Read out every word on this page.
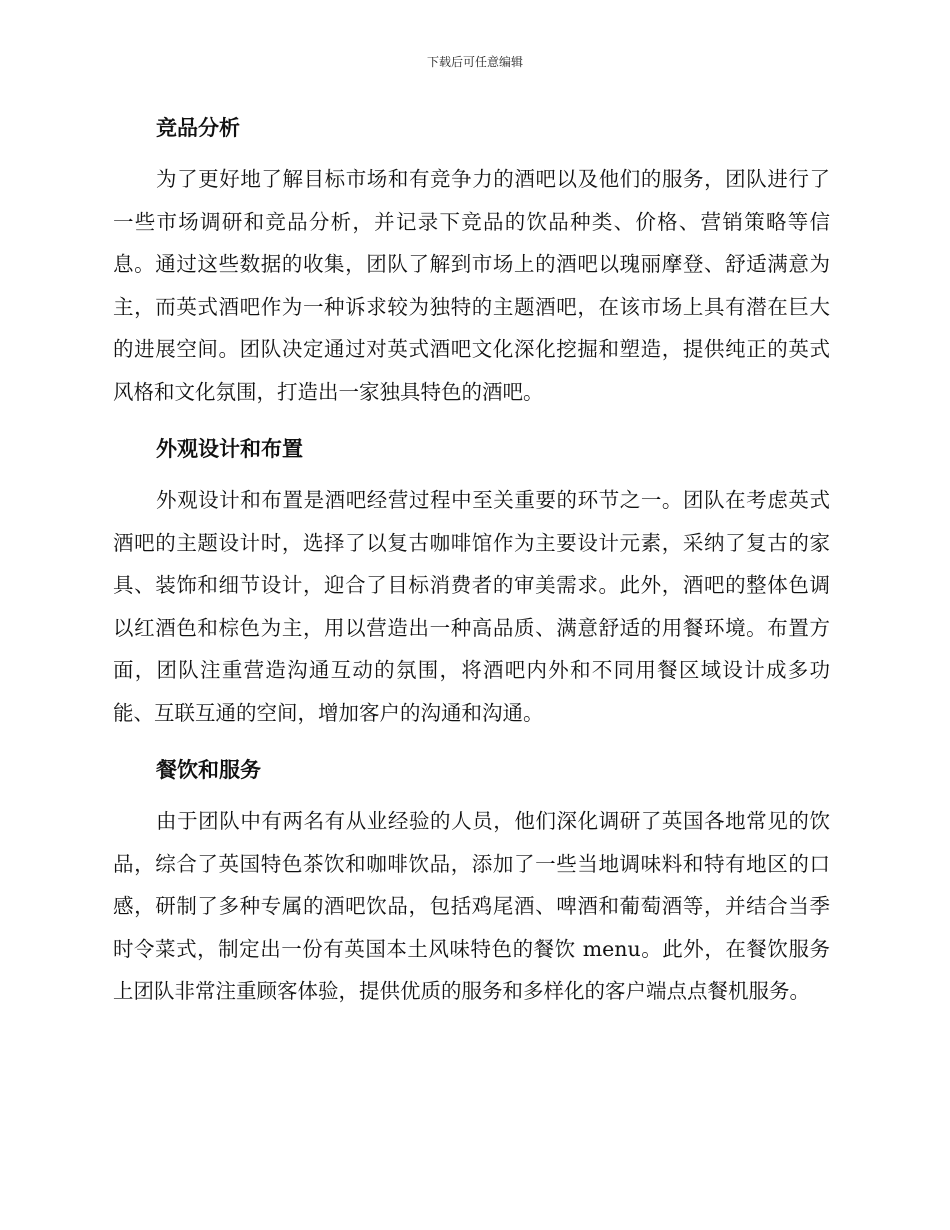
下载后可任意编辑
竞品分析

为了更好地了解目标市场和有竞争力的酒吧以及他们的服务，团队进行了一些市场调研和竞品分析，并记录下竞品的饮品种类、价格、营销策略等信息。通过这些数据的收集，团队了解到市场上的酒吧以瑰丽摩登、舒适满意为主，而英式酒吧作为一种诉求较为独特的主题酒吧，在该市场上具有潜在巨大的进展空间。团队决定通过对英式酒吧文化深化挖掘和塑造，提供纯正的英式风格和文化氛围，打造出一家独具特色的酒吧。

外观设计和布置

外观设计和布置是酒吧经营过程中至关重要的环节之一。团队在考虑英式酒吧的主题设计时，选择了以复古咖啡馆作为主要设计元素，采纳了复古的家具、装饰和细节设计，迎合了目标消费者的审美需求。此外，酒吧的整体色调以红酒色和棕色为主，用以营造出一种高品质、满意舒适的用餐环境。布置方面，团队注重营造沟通互动的氛围，将酒吧内外和不同用餐区域设计成多功能、互联互通的空间，增加客户的沟通和沟通。

餐饮和服务

由于团队中有两名有从业经验的人员，他们深化调研了英国各地常见的饮品，综合了英国特色茶饮和咖啡饮品，添加了一些当地调味料和特有地区的口感，研制了多种专属的酒吧饮品，包括鸡尾酒、啤酒和葡萄酒等，并结合当季时令菜式，制定出一份有英国本土风味特色的餐饮 menu。此外，在餐饮服务上团队非常注重顾客体验，提供优质的服务和多样化的客户端点点餐机服务。
